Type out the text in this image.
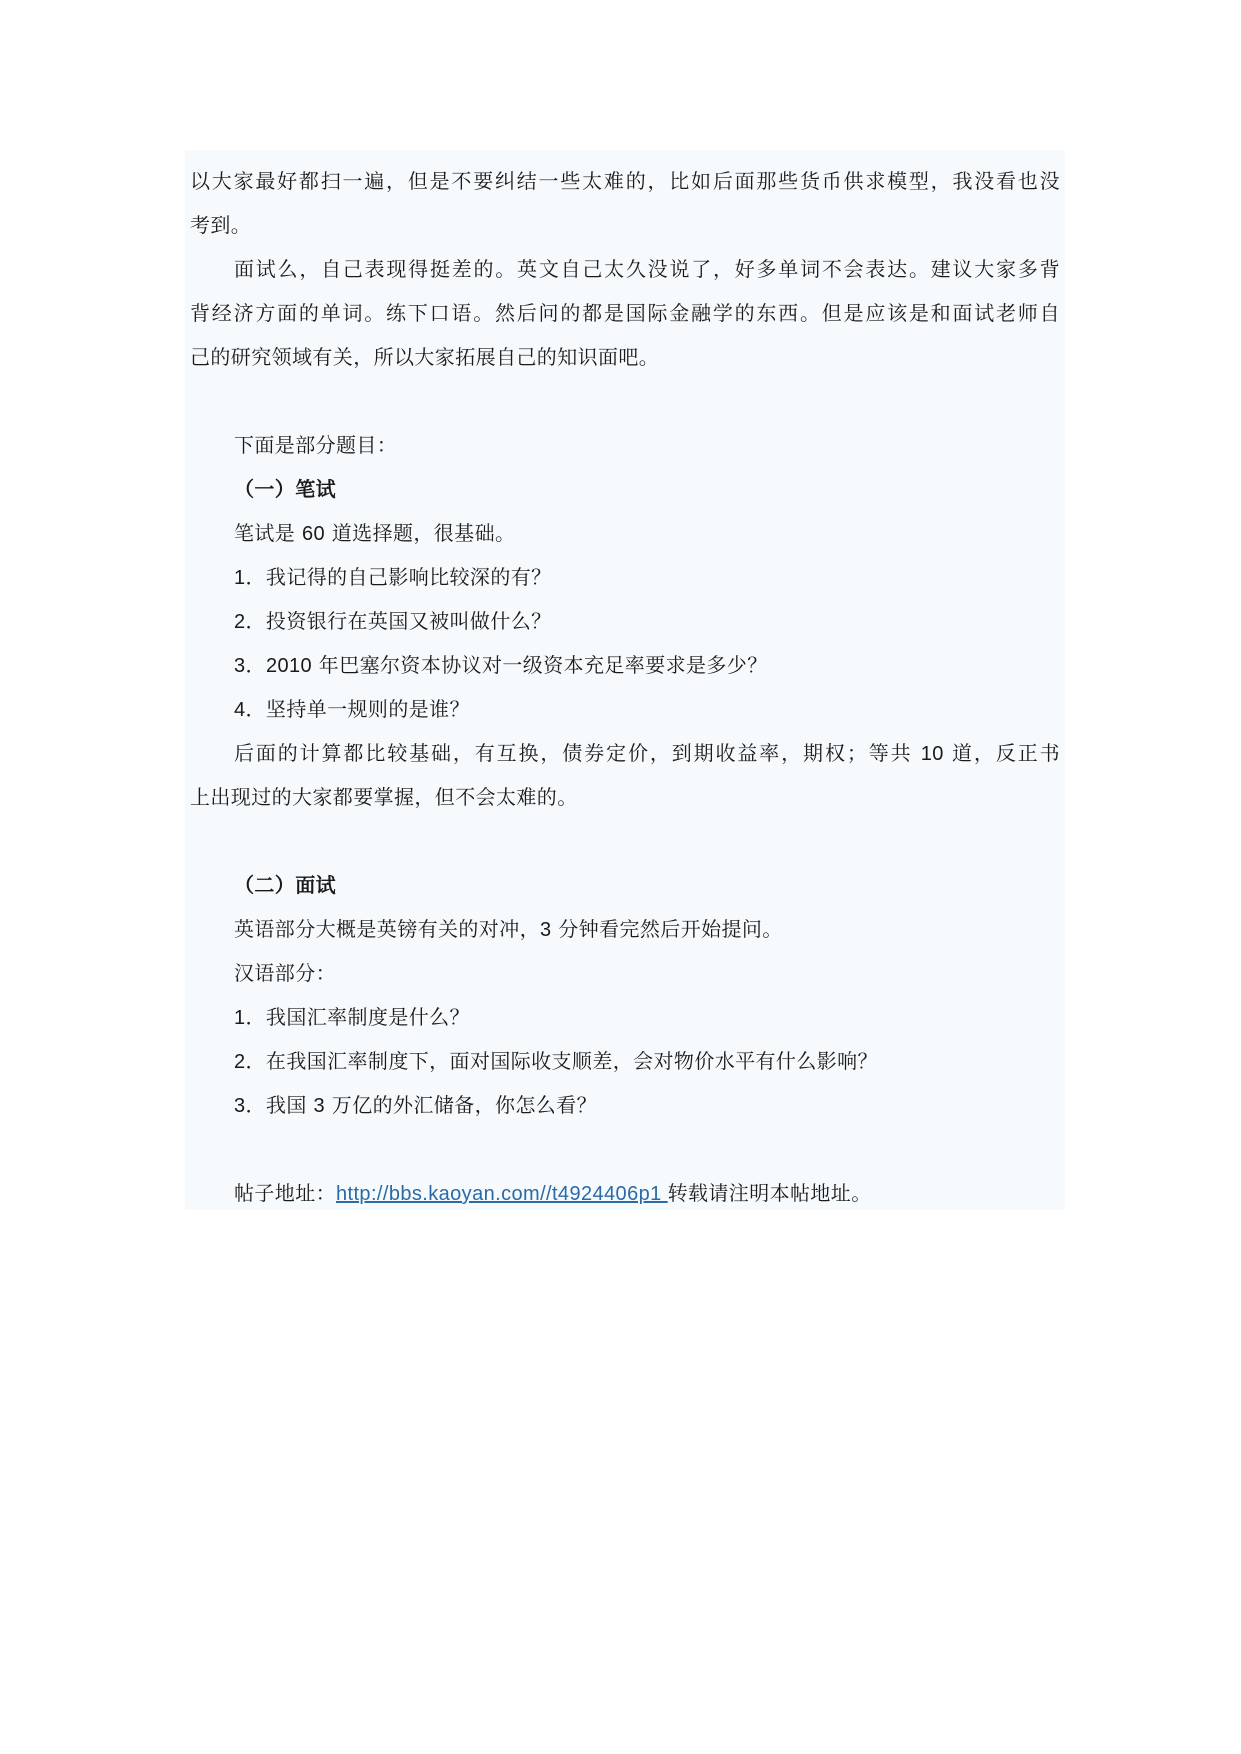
以大家最好都扫一遍，但是不要纠结一些太难的，比如后面那些货币供求模型，我没看也没
考到。
面试么，自己表现得挺差的。英文自己太久没说了，好多单词不会表达。建议大家多背
背经济方面的单词。练下口语。然后问的都是国际金融学的东西。但是应该是和面试老师自
己的研究领域有关，所以大家拓展自己的知识面吧。
下面是部分题目：
（一）笔试
笔试是 60 道选择题，很基础。
1．我记得的自己影响比较深的有？
2．投资银行在英国又被叫做什么？
3．2010 年巴塞尔资本协议对一级资本充足率要求是多少？
4．坚持单一规则的是谁？
后面的计算都比较基础，有互换，债券定价，到期收益率，期权；等共 10 道，反正书
上出现过的大家都要掌握，但不会太难的。
（二）面试
英语部分大概是英镑有关的对冲，3 分钟看完然后开始提问。
汉语部分：
1．我国汇率制度是什么？
2．在我国汇率制度下，面对国际收支顺差，会对物价水平有什么影响？
3．我国 3 万亿的外汇储备，你怎么看？
帖子地址：http://bbs.kaoyan.com//t4924406p1 转载请注明本帖地址。
